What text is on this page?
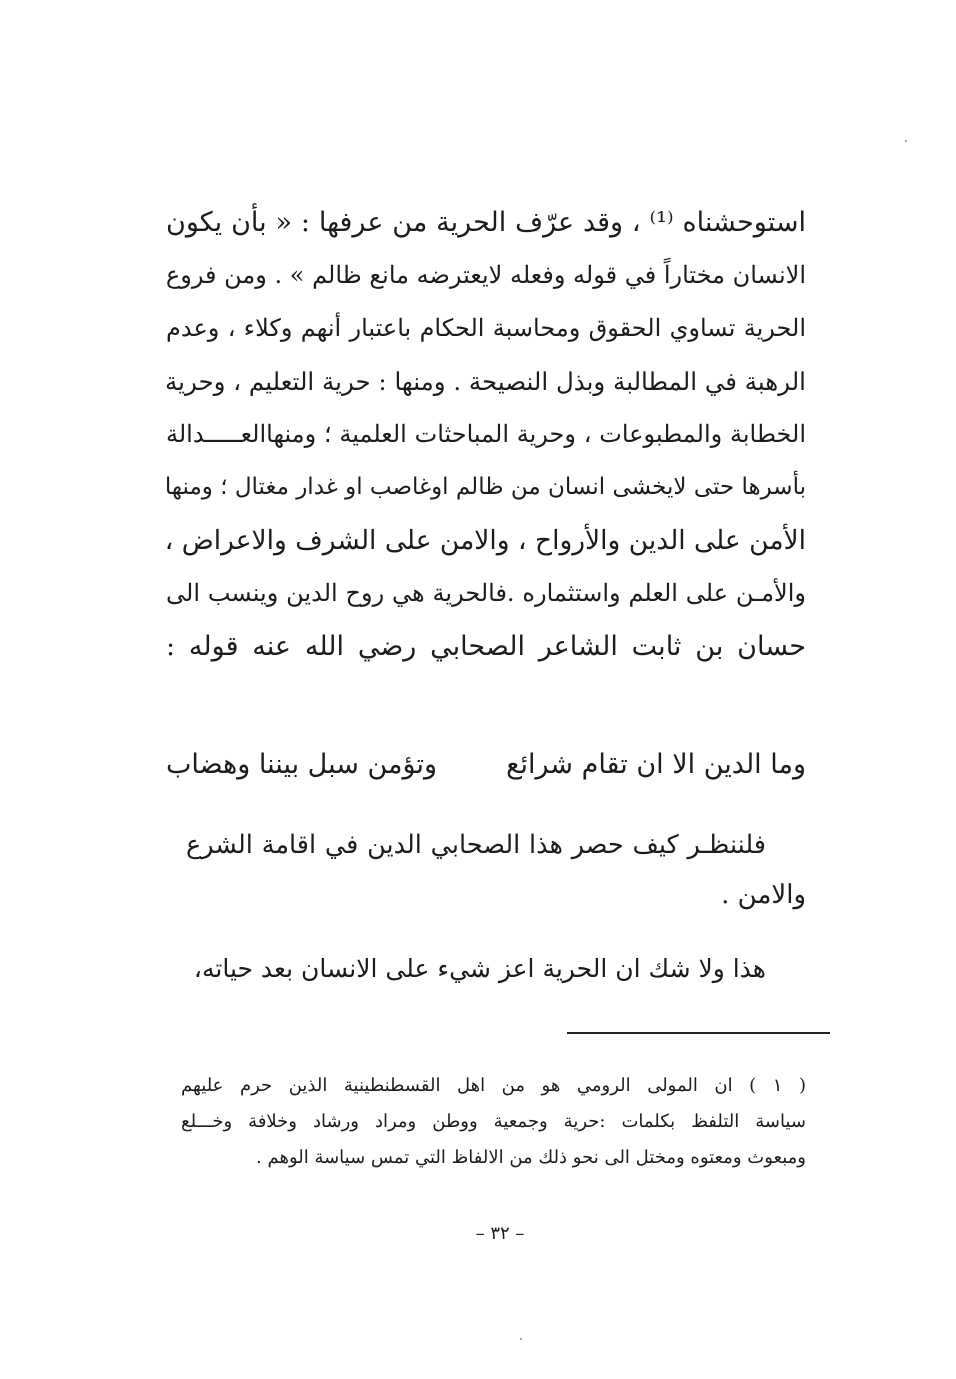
استوحشناه ⁽¹⁾ ، وقد عرّف الحرية من عرفها : « بأن يكون
الانسان مختاراً في قوله وفعله لايعترضه مانع ظالم » . ومن فروع
الحرية تساوي الحقوق ومحاسبة الحكام باعتبار أنهم وكلاء ، وعدم
الرهبة في المطالبة وبذل النصيحة . ومنها : حرية التعليم ، وحرية
الخطابة والمطبوعات ، وحرية المباحثات العلمية ؛ ومنهاالعـــــدالة
بأسرها حتى لايخشى انسان من ظالم اوغاصب او غدار مغتال ؛ ومنها
الأمن على الدين والأرواح ، والامن على الشرف والاعراض ،
والأمـن على العلم واستثماره .فالحرية هي روح الدين وينسب الى
حسان بن ثابت الشاعر الصحابي رضي الله عنه قوله :
وما الدين الا ان تقام شرائع
وتؤمن سبل بيننا وهضاب
فلننظـر كيف حصر هذا الصحابي الدين في اقامة الشرع
والامن .
هذا ولا شك ان الحرية اعز شيء على الانسان بعد حياته،
( ١ ) ان المولى الرومي هو من اهل القسطنطينية الذين حرم عليهم
سياسة التلفظ بكلمات :حرية وجمعية ووطن ومراد ورشاد وخلافة وخـــلع
ومبعوث ومعتوه ومختل الى نحو ذلك من الالفاظ التي تمس سياسة الوهم .
– ٣٢ –
